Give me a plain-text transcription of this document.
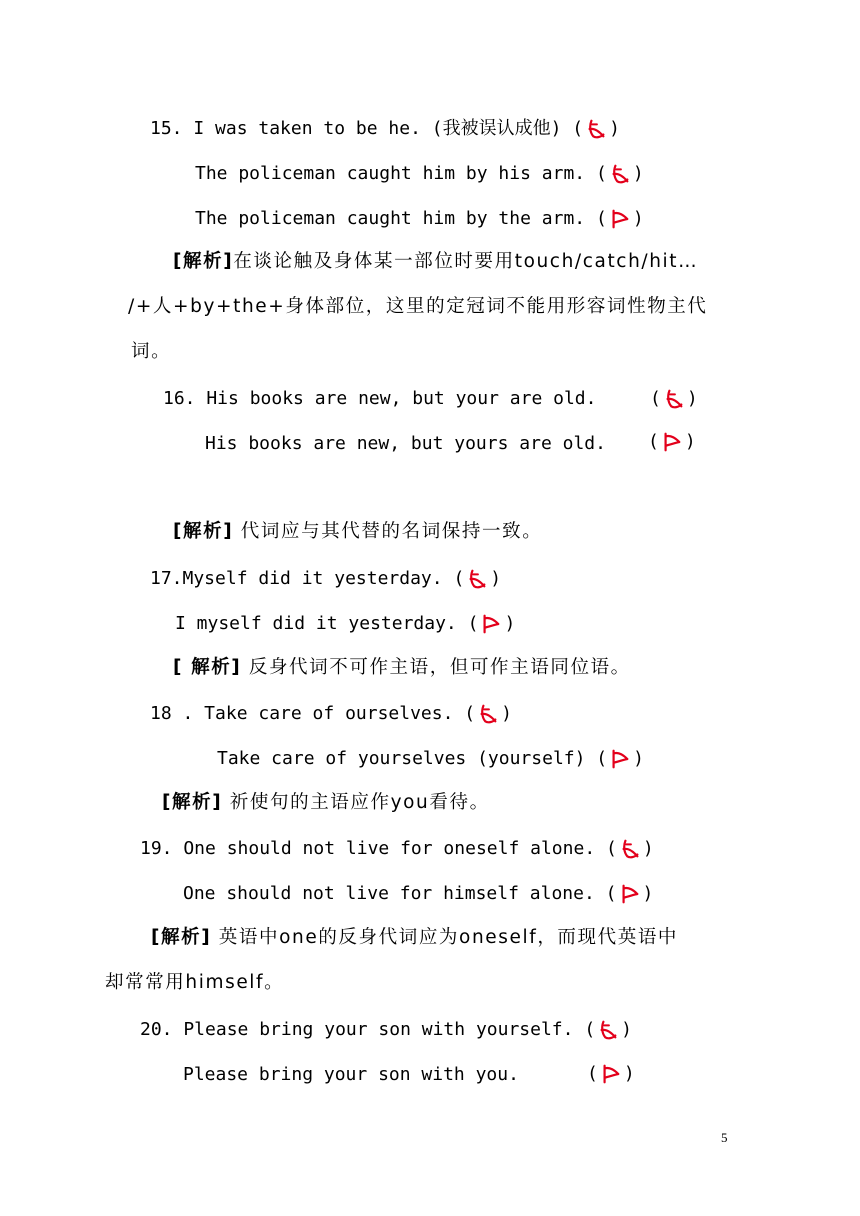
15. I was taken to be he. (我被误认成他) ( )
The policeman caught him by his arm. ( )
The policeman caught him by the arm. ( )
[解析]在谈论触及身体某一部位时要用touch/catch/hit…
/+人+by+the+身体部位，这里的定冠词不能用形容词性物主代
词。
16. His books are new, but your are old.	( )
His books are new, but yours are old. ( )
[解析] 代词应与其代替的名词保持一致。
17.Myself did it yesterday. ( )
I myself did it yesterday. ( )
[ 解析] 反身代词不可作主语，但可作主语同位语。
18 . Take care of ourselves. ( )
Take care of yourselves (yourself) ( )
[解析] 祈使句的主语应作you看待。
19. One should not live for oneself alone. ( )
One should not live for himself alone. ( )
[解析] 英语中one的反身代词应为oneself，而现代英语中
却常常用himself。
20. Please bring your son with yourself. ( )
Please bring your son with you.	( )
5
